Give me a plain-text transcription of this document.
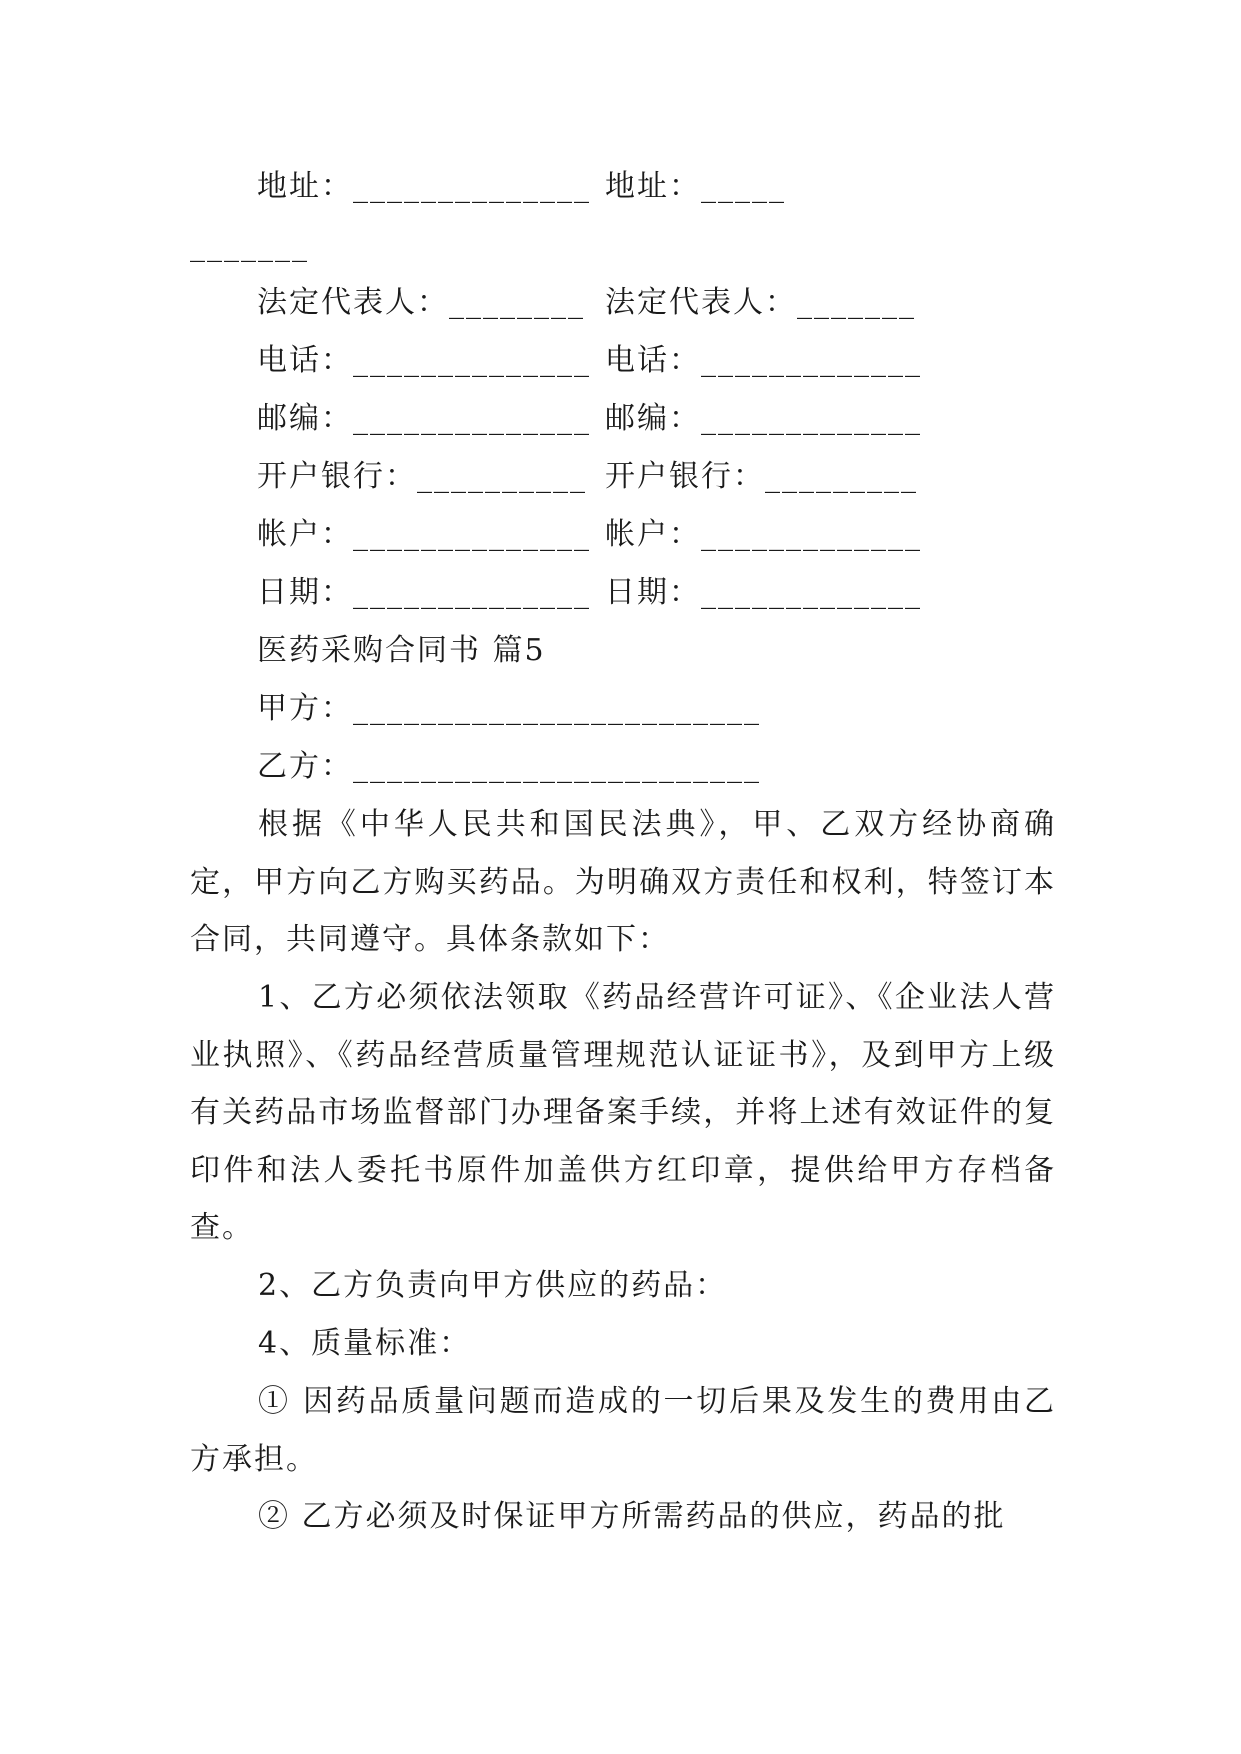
地址：______________ 地址：_____
_______
法定代表人：________ 法定代表人：_______
电话：______________ 电话：_____________
邮编：______________ 邮编：_____________
开户银行：__________ 开户银行：_________
帐户：______________ 帐户：_____________
日期：______________ 日期：_____________
医药采购合同书 篇5
甲方：________________________
乙方：________________________

根据《中华人民共和国民法典》，甲、乙双方经协商确定，甲方向乙方购买药品。为明确双方责任和权利，特签订本合同，共同遵守。具体条款如下：

1、乙方必须依法领取《药品经营许可证》、《企业法人营业执照》、《药品经营质量管理规范认证证书》，及到甲方上级有关药品市场监督部门办理备案手续，并将上述有效证件的复印件和法人委托书原件加盖供方红印章，提供给甲方存档备查。

2、乙方负责向甲方供应的药品：

4、质量标准：

① 因药品质量问题而造成的一切后果及发生的费用由乙方承担。

② 乙方必须及时保证甲方所需药品的供应，药品的批
